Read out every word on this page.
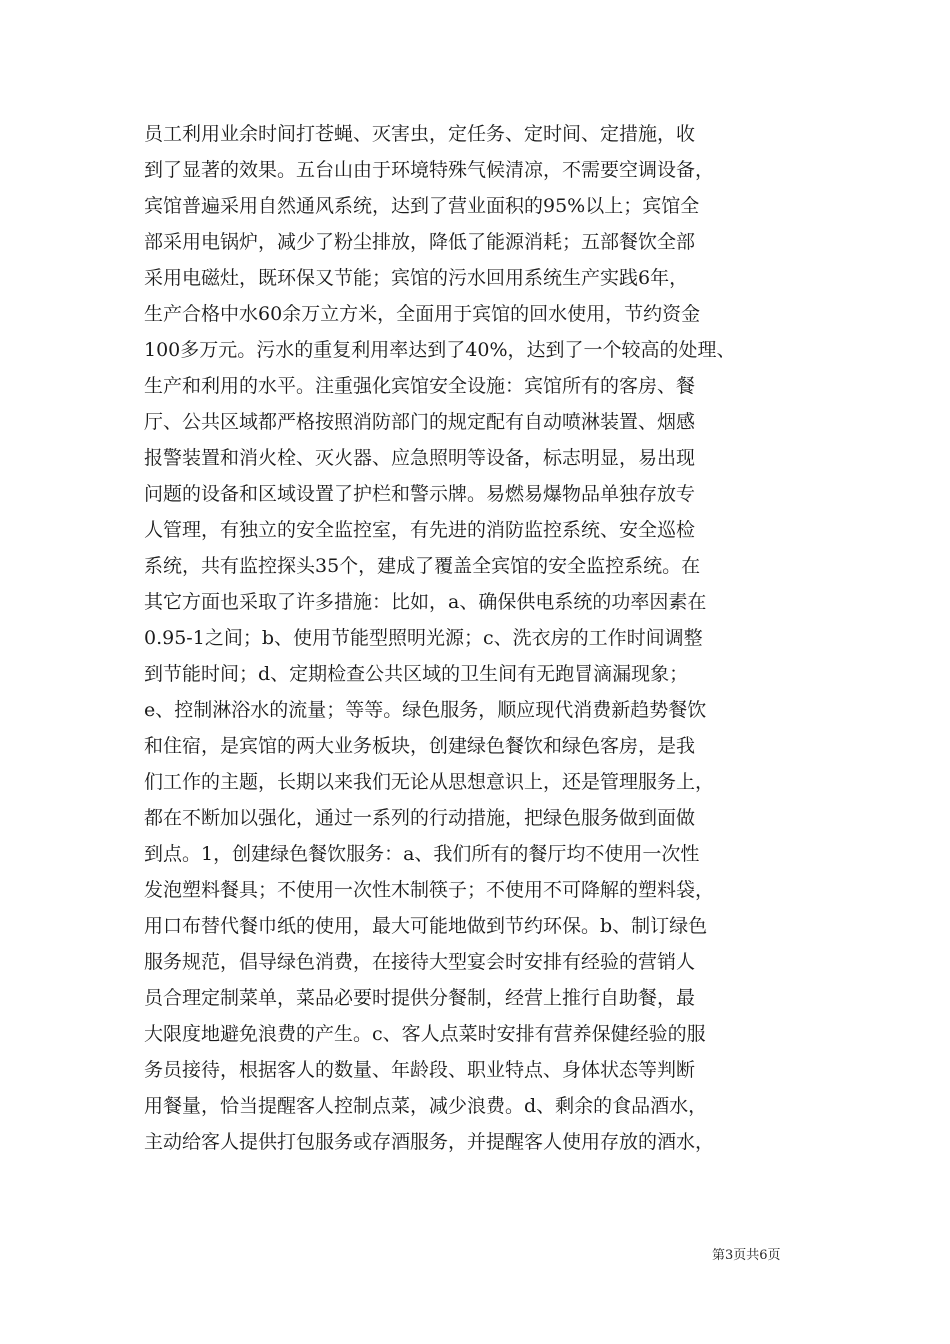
员工利用业余时间打苍蝇、灭害虫，定任务、定时间、定措施，收
到了显著的效果。五台山由于环境特殊气候清凉，不需要空调设备，
宾馆普遍采用自然通风系统，达到了营业面积的95%以上；宾馆全
部采用电锅炉，减少了粉尘排放，降低了能源消耗；五部餐饮全部
采用电磁灶，既环保又节能；宾馆的污水回用系统生产实践6年，
生产合格中水60余万立方米，全面用于宾馆的回水使用，节约资金
100多万元。污水的重复利用率达到了40%，达到了一个较高的处理、
生产和利用的水平。注重强化宾馆安全设施：宾馆所有的客房、餐
厅、公共区域都严格按照消防部门的规定配有自动喷淋装置、烟感
报警装置和消火栓、灭火器、应急照明等设备，标志明显，易出现
问题的设备和区域设置了护栏和警示牌。易燃易爆物品单独存放专
人管理，有独立的安全监控室，有先进的消防监控系统、安全巡检
系统，共有监控探头35个，建成了覆盖全宾馆的安全监控系统。在
其它方面也采取了许多措施：比如，a、确保供电系统的功率因素在
0.95-1之间；b、使用节能型照明光源；c、洗衣房的工作时间调整
到节能时间；d、定期检查公共区域的卫生间有无跑冒滴漏现象；
e、控制淋浴水的流量；等等。绿色服务，顺应现代消费新趋势餐饮
和住宿，是宾馆的两大业务板块，创建绿色餐饮和绿色客房，是我
们工作的主题，长期以来我们无论从思想意识上，还是管理服务上，
都在不断加以强化，通过一系列的行动措施，把绿色服务做到面做
到点。1，创建绿色餐饮服务：a、我们所有的餐厅均不使用一次性
发泡塑料餐具；不使用一次性木制筷子；不使用不可降解的塑料袋，
用口布替代餐巾纸的使用，最大可能地做到节约环保。b、制订绿色
服务规范，倡导绿色消费，在接待大型宴会时安排有经验的营销人
员合理定制菜单，菜品必要时提供分餐制，经营上推行自助餐，最
大限度地避免浪费的产生。c、客人点菜时安排有营养保健经验的服
务员接待，根据客人的数量、年龄段、职业特点、身体状态等判断
用餐量，恰当提醒客人控制点菜，减少浪费。d、剩余的食品酒水，
主动给客人提供打包服务或存酒服务，并提醒客人使用存放的酒水，
第3页共6页
